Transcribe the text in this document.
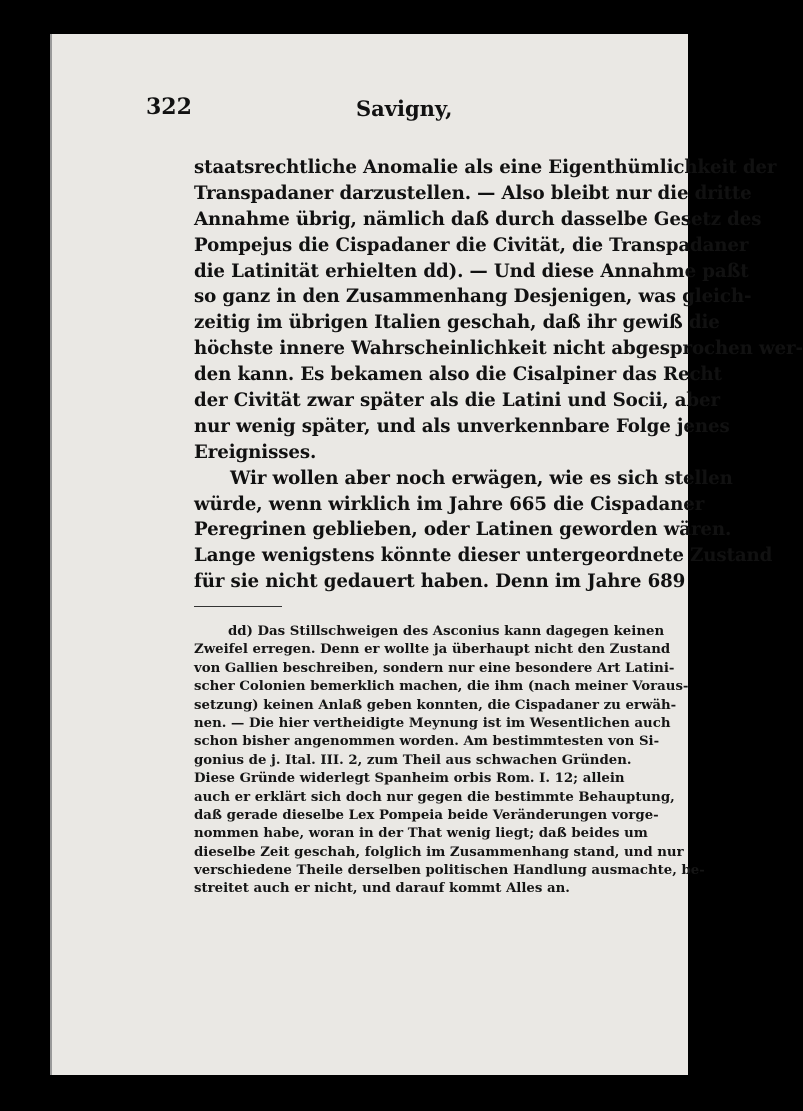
322	Savigny,
staatsrechtliche Anomalie als eine Eigenthümlichkeit der
Transpadaner darzustellen. — Also bleibt nur die dritte
Annahme übrig, nämlich daß durch dasselbe Gesetz des
Pompejus die Cispadaner die Civität, die Transpadaner
die Latinität erhielten dd). — Und diese Annahme paßt
so ganz in den Zusammenhang Desjenigen, was gleich-
zeitig im übrigen Italien geschah, daß ihr gewiß die
höchste innere Wahrscheinlichkeit nicht abgesprochen wer-
den kann. Es bekamen also die Cisalpiner das Recht
der Civität zwar später als die Latini und Socii, aber
nur wenig später, und als unverkennbare Folge jenes
Ereignisses.
Wir wollen aber noch erwägen, wie es sich stellen
würde, wenn wirklich im Jahre 665 die Cispadaner
Peregrinen geblieben, oder Latinen geworden wären.
Lange wenigstens könnte dieser untergeordnete Zustand
für sie nicht gedauert haben. Denn im Jahre 689
dd) Das Stillschweigen des Asconius kann dagegen keinen
Zweifel erregen. Denn er wollte ja überhaupt nicht den Zustand
von Gallien beschreiben, sondern nur eine besondere Art Latini-
scher Colonien bemerklich machen, die ihm (nach meiner Voraus-
setzung) keinen Anlaß geben konnten, die Cispadaner zu erwäh-
nen. — Die hier vertheidigte Meynung ist im Wesentlichen auch
schon bisher angenommen worden. Am bestimmtesten von Si-
gonius de j. Ital. III. 2, zum Theil aus schwachen Gründen.
Diese Gründe widerlegt Spanheim orbis Rom. I. 12; allein
auch er erklärt sich doch nur gegen die bestimmte Behauptung,
daß gerade dieselbe Lex Pompeia beide Veränderungen vorge-
nommen habe, woran in der That wenig liegt; daß beides um
dieselbe Zeit geschah, folglich im Zusammenhang stand, und nur
verschiedene Theile derselben politischen Handlung ausmachte, be-
streitet auch er nicht, und darauf kommt Alles an.
